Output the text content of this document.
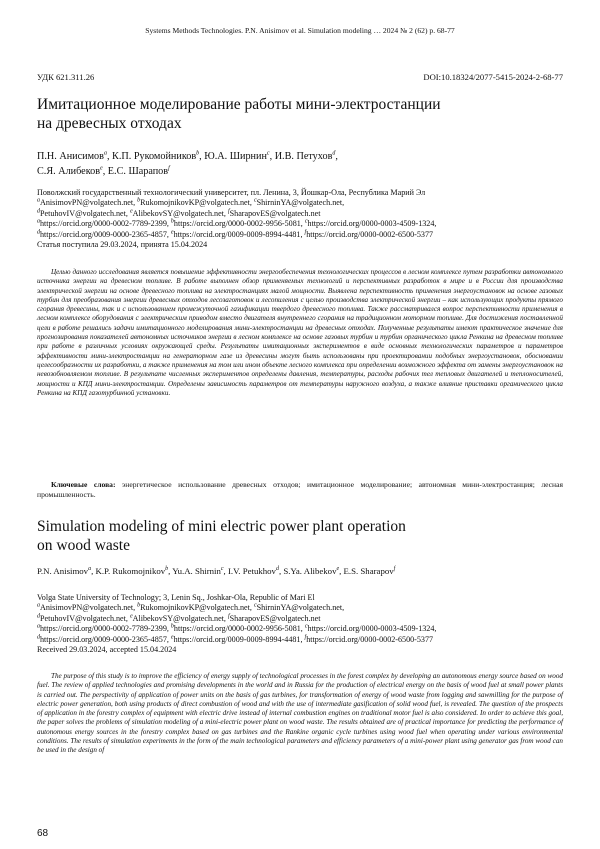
Systems Methods Technologies. P.N. Anisimov et al. Simulation modeling … 2024 № 2 (62) p. 68-77
УДК 621.311.26	DOI:10.18324/2077-5415-2024-2-68-77
Имитационное моделирование работы мини-электростанции
на древесных отходах
П.Н. Анисимов$^a$, К.П. Рукомойников$^b$, Ю.А. Ширнин$^c$, И.В. Петухов$^d$,
С.Я. Алибеков$^e$, Е.С. Шарапов$^f$
Поволжский государственный технологический университет, пл. Ленина, 3, Йошкар-Ола, Республика Марий Эл
$^a$AnisimovPN@volgatech.net, $^b$RukomojnikovKP@volgatech.net, $^c$ShirninYA@volgatech.net,
$^d$PetuhovIV@volgatech.net, $^e$AlibekovSY@volgatech.net, $^f$SharapovES@volgatech.net
$^a$https://orcid.org/0000-0002-7789-2399, $^b$https://orcid.org/0000-0002-9956-5081, $^c$https://orcid.org/0000-0003-4509-1324,
$^d$https://orcid.org/0009-0000-2365-4857, $^e$https://orcid.org/0009-0009-8994-4481, $^f$https://orcid.org/0000-0002-6500-5377
Статья поступила 29.03.2024, принята 15.04.2024

Целью данного исследования является повышение эффективности энергообеспечения технологических процессов в лесном комплексе путем разработки автономного источника энергии на древесном топливе. В работе выполнен обзор применяемых технологий и перспективных разработок в мире и в России для производства электрической энергии на основе древесного топлива на электростанциях малой мощности. Выявлена перспективность применения энергоустановок на основе газовых турбин для преобразования энергии древесных отходов лесозаготовок и лесопиления с целью производства электрической энергии – как использующих продукты прямого сгорания древесины, так и с использованием промежуточной газификации твердого древесного топлива. Также рассматривался вопрос перспективности применения в лесном комплексе оборудования с электрическим приводом вместо двигателя внутреннего сгорания на традиционном моторном топливе. Для достижения поставленной цели в работе решались задачи имитационного моделирования мини-электростанции на древесных отходах. Полученные результаты имеют практическое значение для прогнозирования показателей автономных источников энергии в лесном комплексе на основе газовых турбин и турбин органического цикла Ренкина на древесном топливе при работе в различных условиях окружающей среды. Результаты имитационных экспериментов в виде основных технологических параметров и параметров эффективности мини-электростанции на генераторном газе из древесины могут быть использованы при проектировании подобных энергоустановок, обосновании целесообразности их разработки, а также применения на том или ином объекте лесного комплекса при определении возможного эффекта от замены энергоустановок на невозобновляемом топливе. В результате численных экспериментов определены давления, температуры, расходы рабочих тел тепловых двигателей и теплоносителей, мощности и КПД мини-электростанции. Определены зависимость параметров от температуры наружного воздуха, а также влияние приставки органического цикла Ренкина на КПД газотурбинной установки.

Ключевые слова: энергетическое использование древесных отходов; имитационное моделирование; автономная мини-электростанция; лесная промышленность.
Simulation modeling of mini electric power plant operation
on wood waste
P.N. Anisimov$^a$, K.P. Rukomojnikov$^b$, Yu.A. Shirnin$^c$, I.V. Petukhov$^d$, S.Ya. Alibekov$^e$, E.S. Sharapov$^f$
Volga State University of Technology; 3, Lenin Sq., Joshkar-Ola, Republic of Mari El
$^a$AnisimovPN@volgatech.net, $^b$RukomojnikovKP@volgatech.net, $^c$ShirninYA@volgatech.net,
$^d$PetuhovIV@volgatech.net, $^e$AlibekovSY@volgatech.net, $^f$SharapovES@volgatech.net
$^a$https://orcid.org/0000-0002-7789-2399, $^b$https://orcid.org/0000-0002-9956-5081, $^c$https://orcid.org/0000-0003-4509-1324,
$^d$https://orcid.org/0009-0000-2365-4857, $^e$https://orcid.org/0009-0009-8994-4481, $^f$https://orcid.org/0000-0002-6500-5377
Received 29.03.2024, accepted 15.04.2024

The purpose of this study is to improve the efficiency of energy supply of technological processes in the forest complex by developing an autonomous energy source based on wood fuel. The review of applied technologies and promising developments in the world and in Russia for the production of electrical energy on the basis of wood fuel at small power plants is carried out. The perspectivity of application of power units on the basis of gas turbines, for transformation of energy of wood waste from logging and sawmilling for the purpose of electric power generation, both using products of direct combustion of wood and with the use of intermediate gasification of solid wood fuel, is revealed. The question of the prospects of application in the forestry complex of equipment with electric drive instead of internal combustion engines on traditional motor fuel is also considered. In order to achieve this goal, the paper solves the problems of simulation modeling of a mini-electric power plant on wood waste. The results obtained are of practical importance for predicting the performance of autonomous energy sources in the forestry complex based on gas turbines and the Rankine organic cycle turbines using wood fuel when operating under various environmental conditions. The results of simulation experiments in the form of the main technological parameters and efficiency parameters of a mini-power plant using generator gas from wood can be used in the design of

68
